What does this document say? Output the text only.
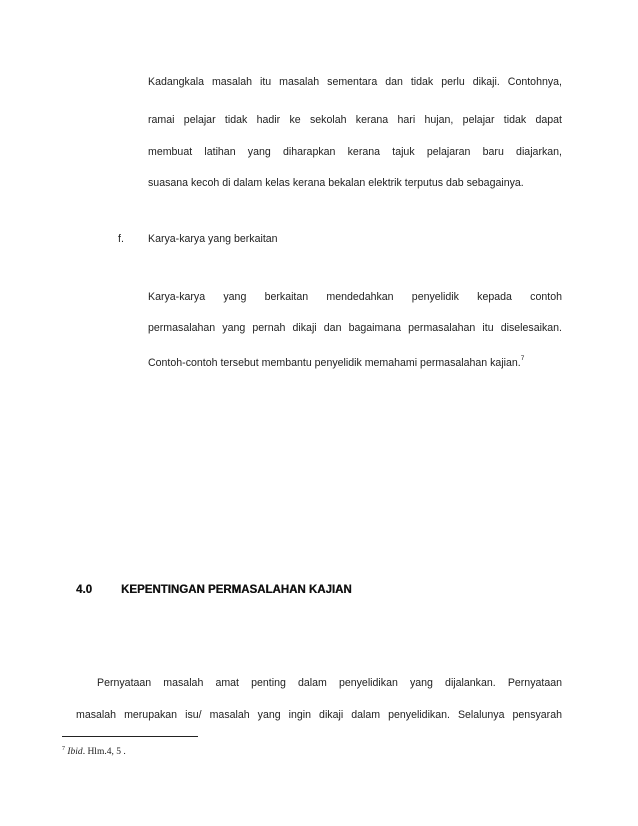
Kadangkala masalah itu masalah sementara dan tidak perlu dikaji. Contohnya,
ramai pelajar tidak hadir ke sekolah kerana hari hujan, pelajar tidak dapat
membuat latihan yang diharapkan kerana tajuk pelajaran baru diajarkan,
suasana kecoh di dalam kelas kerana bekalan elektrik terputus dab sebagainya.
f. Karya-karya yang berkaitan
Karya-karya yang berkaitan mendedahkan penyelidik kepada contoh
permasalahan yang pernah dikaji dan bagaimana permasalahan itu diselesaikan.
Contoh-contoh tersebut membantu penyelidik memahami permasalahan kajian.$^7$
4.0	KEPENTINGAN PERMASALAHAN KAJIAN
Pernyataan masalah amat penting dalam penyelidikan yang dijalankan. Pernyataan
masalah merupakan isu/ masalah yang ingin dikaji dalam penyelidikan. Selalunya pensyarah
$^7$ Ibid. Hlm.4, 5 .
